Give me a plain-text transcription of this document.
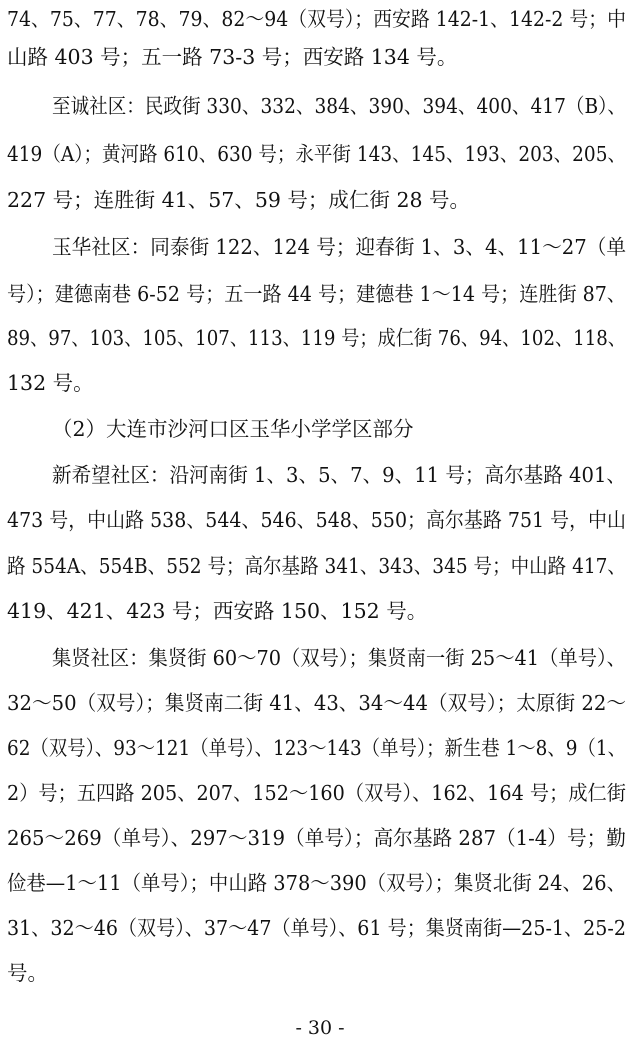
74、75、77、78、79、82～94（双号）；西安路 142-1、142-2 号；中
山路 403 号；五一路 73-3 号；西安路 134 号。
至诚社区：民政街 330、332、384、390、394、400、417（B）、
419（A）；黄河路 610、630 号；永平街 143、145、193、203、205、
227 号；连胜街 41、57、59 号；成仁街 28 号。
玉华社区：同泰街 122、124 号；迎春街 1、3、4、11～27（单
号）；建德南巷 6-52 号；五一路 44 号；建德巷 1～14 号；连胜街 87、
89、97、103、105、107、113、119 号；成仁街 76、94、102、118、
132 号。
（2）大连市沙河口区玉华小学学区部分
新希望社区：沿河南街 1、3、5、7、9、11 号；高尔基路 401、
473 号，中山路 538、544、546、548、550；高尔基路 751 号，中山
路 554A、554B、552 号；高尔基路 341、343、345 号；中山路 417、
419、421、423 号；西安路 150、152 号。
集贤社区：集贤街 60～70（双号）；集贤南一街 25～41（单号）、
32～50（双号）；集贤南二街 41、43、34～44（双号）；太原街 22～
62（双号）、93～121（单号）、123～143（单号）；新生巷 1～8、9（1、
2）号；五四路 205、207、152～160（双号）、162、164 号；成仁街
265～269（单号）、297～319（单号）；高尔基路 287（1-4）号；勤
俭巷—1～11（单号）；中山路 378～390（双号）；集贤北街 24、26、
31、32～46（双号）、37～47（单号）、61 号；集贤南街—25-1、25-2
号。
- 30 -
